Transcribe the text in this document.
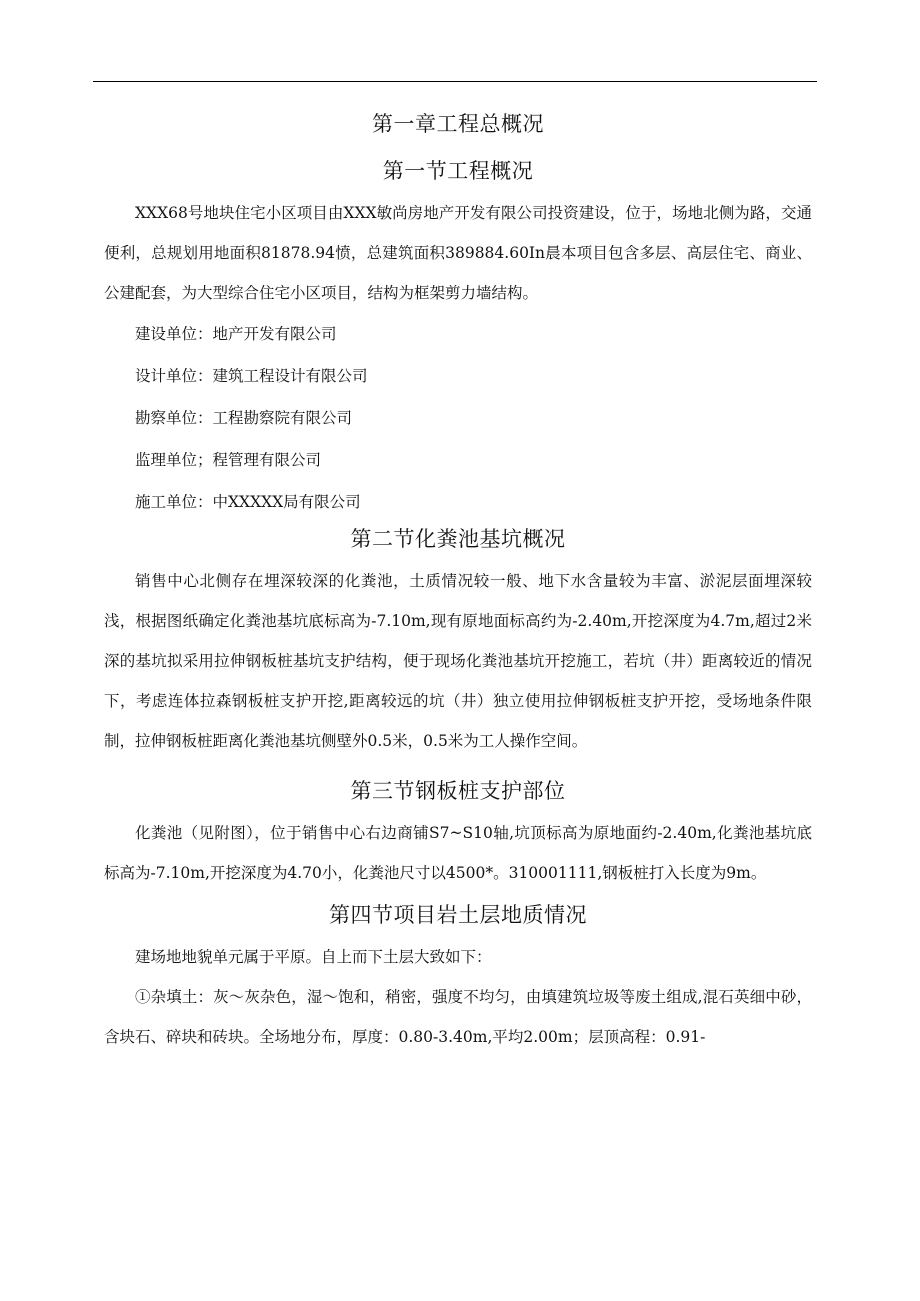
第一章工程总概况
第一节工程概况

XXX68号地块住宅小区项目由XXX敏尚房地产开发有限公司投资建设，位于，场地北侧为路，交通便利，总规划用地面积81878.94愤，总建筑面积389884.60In晨本项目包含多层、高层住宅、商业、公建配套，为大型综合住宅小区项目，结构为框架剪力墙结构。

建设单位：地产开发有限公司
设计单位：建筑工程设计有限公司
勘察单位：工程勘察院有限公司
监理单位；程管理有限公司
施工单位：中XXXXX局有限公司
第二节化粪池基坑概况

销售中心北侧存在埋深较深的化粪池，土质情况较一般、地下水含量较为丰富、淤泥层面埋深较浅，根据图纸确定化粪池基坑底标高为-7.10m,现有原地面标高约为-2.40m,开挖深度为4.7m,超过2米深的基坑拟采用拉伸钢板桩基坑支护结构，便于现场化粪池基坑开挖施工，若坑（井）距离较近的情况下，考虑连体拉森钢板桩支护开挖,距离较远的坑（井）独立使用拉伸钢板桩支护开挖，受场地条件限制，拉伸钢板桩距离化粪池基坑侧壁外0.5米，0.5米为工人操作空间。

第三节钢板桩支护部位

化粪池（见附图），位于销售中心右边商铺S7~S10轴,坑顶标高为原地面约-2.40m,化粪池基坑底标高为-7.10m,开挖深度为4.70小，化粪池尺寸以4500*。310001111,钢板桩打入长度为9m。

第四节项目岩土层地质情况

建场地地貌单元属于平原。自上而下土层大致如下：

①杂填土：灰～灰杂色，湿～饱和，稍密，强度不均匀，由填建筑垃圾等废土组成,混石英细中砂，含块石、碎块和砖块。全场地分布，厚度：0.80-3.40m,平均2.00m；层顶高程：0.91-
